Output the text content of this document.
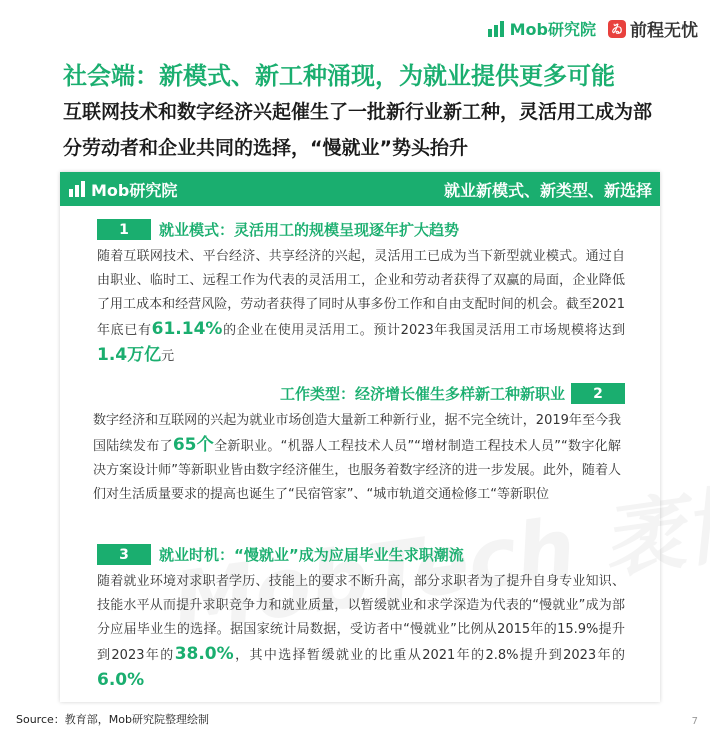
Mob研究院 ゐ 前程无忧
社会端：新模式、新工种涌现，为就业提供更多可能
互联网技术和数字经济兴起催生了一批新行业新工种，灵活用工成为部分劳动者和企业共同的选择，“慢就业”势头抬升
Mob研究院	就业新模式、新类型、新选择
1	就业模式：灵活用工的规模呈现逐年扩大趋势

随着互联网技术、平台经济、共享经济的兴起，灵活用工已成为当下新型就业模式。通过自由职业、临时工、远程工作为代表的灵活用工，企业和劳动者获得了双赢的局面，企业降低了用工成本和经营风险，劳动者获得了同时从事多份工作和自由支配时间的机会。截至2021年底已有61.14%的企业在使用灵活用工。预计2023年我国灵活用工市场规模将达到1.4万亿元

工作类型：经济增长催生多样新工种新职业	2

数字经济和互联网的兴起为就业市场创造大量新工种新行业，据不完全统计，2019年至今我国陆续发布了65个全新职业。“机器人工程技术人员”“增材制造工程技术人员”“数字化解决方案设计师”等新职业皆由数字经济催生，也服务着数字经济的进一步发展。此外，随着人们对生活质量要求的提高也诞生了“民宿管家”、“城市轨道交通检修工“等新职位

3	就业时机：“慢就业”成为应届毕业生求职潮流

随着就业环境对求职者学历、技能上的要求不断升高，部分求职者为了提升自身专业知识、技能水平从而提升求职竞争力和就业质量，以暂缓就业和求学深造为代表的“慢就业”成为部分应届毕业生的选择。据国家统计局数据，受访者中“慢就业”比例从2015年的15.9%提升到2023年的38.0%，其中选择暂缓就业的比重从2021年的2.8%提升到2023年的6.0%

Source：教育部，Mob研究院整理绘制	7
